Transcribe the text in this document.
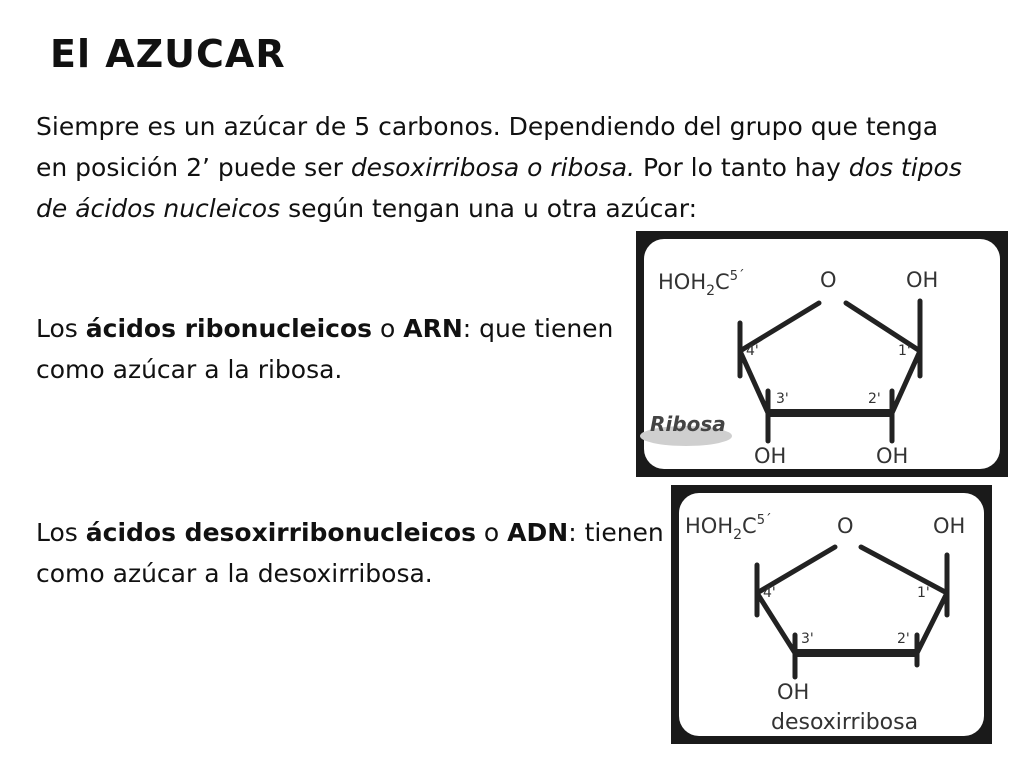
El AZUCAR

Siempre es un azúcar de 5 carbonos. Dependiendo del grupo que tenga en posición 2’ puede ser desoxirribosa o ribosa. Por lo tanto hay dos tipos de ácidos nucleicos según tengan una u otra azúcar:

Los ácidos ribonucleicos o ARN: que tienen como azúcar a la ribosa.

Los ácidos desoxirribonucleicos o ADN: tienen como azúcar a la desoxirribosa.

$HOH_2C^{5´}$	O	OH
4'	1'
3'	2'
OH	OH
Ribosa
$HOH_2C^{5´}$	O	OH
4'	1'
3'	2'
OH
desoxirribosa
